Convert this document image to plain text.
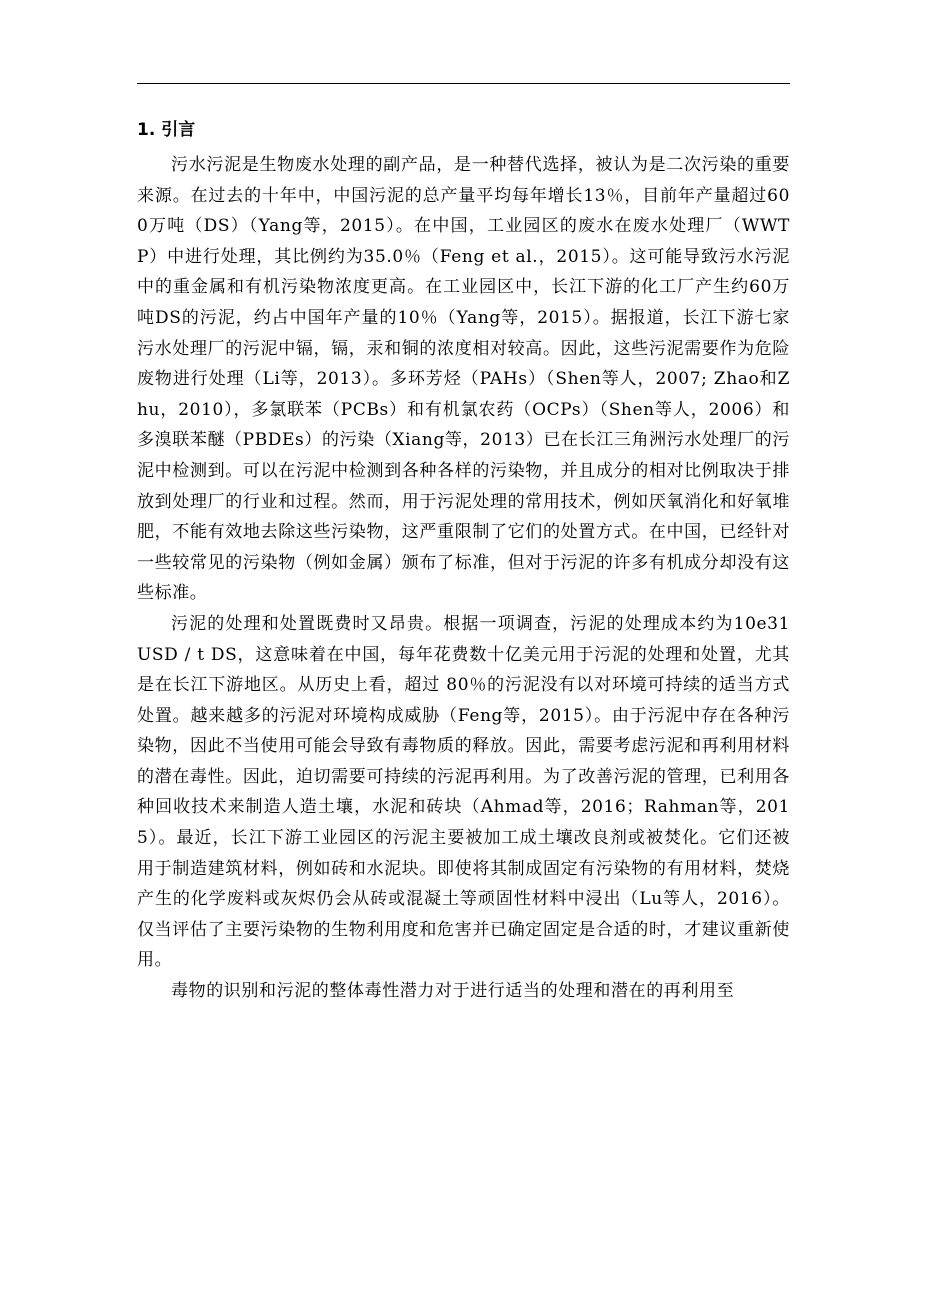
1. 引言

污水污泥是生物废水处理的副产品，是一种替代选择，被认为是二次污染的重要来源。在过去的十年中，中国污泥的总产量平均每年增长13％，目前年产量超过600万吨（DS）（Yang等，2015）。在中国，工业园区的废水在废水处理厂（WWTP）中进行处理，其比例约为35.0％（Feng et al.，2015）。这可能导致污水污泥中的重金属和有机污染物浓度更高。在工业园区中，长江下游的化工厂产生约60万吨DS的污泥，约占中国年产量的10％（Yang等，2015）。据报道，长江下游七家污水处理厂的污泥中镉，镉，汞和铜的浓度相对较高。因此，这些污泥需要作为危险废物进行处理（Li等，2013）。多环芳烃（PAHs）（Shen等人，2007; Zhao和Zhu，2010），多氯联苯（PCBs）和有机氯农药（OCPs）（Shen等人，2006）和多溴联苯醚（PBDEs）的污染（Xiang等，2013）已在长江三角洲污水处理厂的污泥中检测到。可以在污泥中检测到各种各样的污染物，并且成分的相对比例取决于排放到处理厂的行业和过程。然而，用于污泥处理的常用技术，例如厌氧消化和好氧堆肥，不能有效地去除这些污染物，这严重限制了它们的处置方式。在中国，已经针对一些较常见的污染物（例如金属）颁布了标准，但对于污泥的许多有机成分却没有这些标准。

污泥的处理和处置既费时又昂贵。根据一项调查，污泥的处理成本约为10e31 USD / t DS，这意味着在中国，每年花费数十亿美元用于污泥的处理和处置，尤其是在长江下游地区。从历史上看，超过 80％的污泥没有以对环境可持续的适当方式处置。越来越多的污泥对环境构成威胁（Feng等，2015）。由于污泥中存在各种污染物，因此不当使用可能会导致有毒物质的释放。因此，需要考虑污泥和再利用材料的潜在毒性。因此，迫切需要可持续的污泥再利用。为了改善污泥的管理，已利用各种回收技术来制造人造土壤，水泥和砖块（Ahmad等，2016；Rahman等，2015）。最近，长江下游工业园区的污泥主要被加工成土壤改良剂或被焚化。它们还被用于制造建筑材料，例如砖和水泥块。即使将其制成固定有污染物的有用材料，焚烧产生的化学废料或灰烬仍会从砖或混凝土等顽固性材料中浸出（Lu等人，2016）。仅当评估了主要污染物的生物利用度和危害并已确定固定是合适的时，才建议重新使用。

毒物的识别和污泥的整体毒性潜力对于进行适当的处理和潜在的再利用至
